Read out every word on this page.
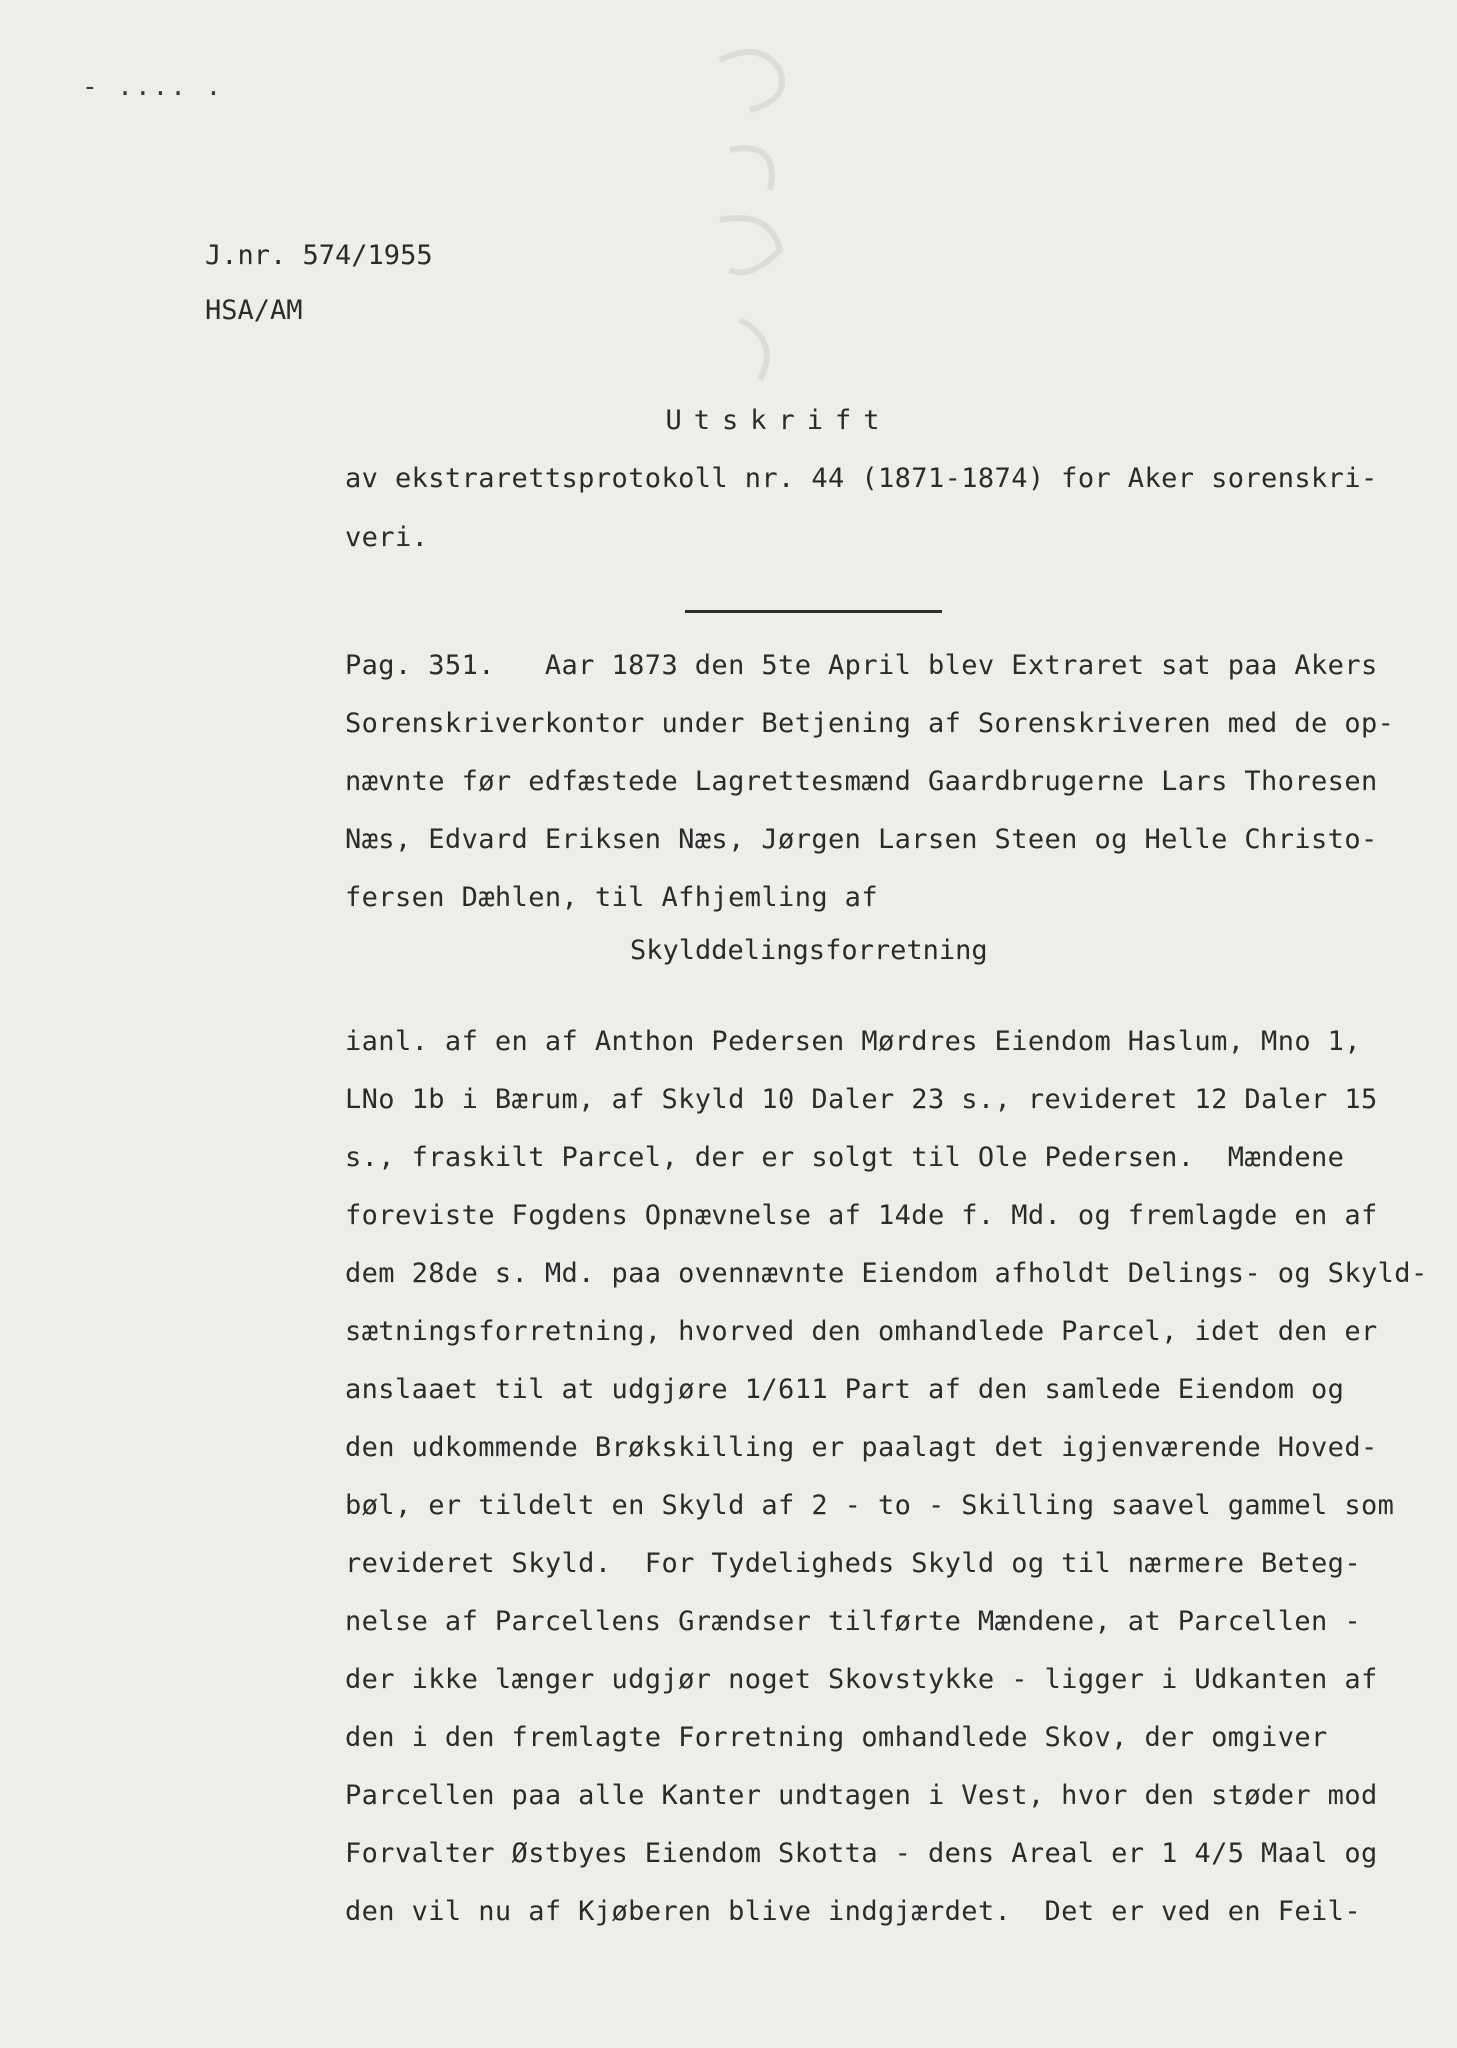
- .... .
J.nr. 574/1955
HSA/AM
Utskrift
av ekstrarettsprotokoll nr. 44 (1871-1874) for Aker sorenskri-
veri.
Pag. 351.   Aar 1873 den 5te April blev Extraret sat paa Akers
Sorenskriverkontor under Betjening af Sorenskriveren med de op-
nævnte før edfæstede Lagrettesmænd Gaardbrugerne Lars Thoresen
Næs, Edvard Eriksen Næs, Jørgen Larsen Steen og Helle Christo-
fersen Dæhlen, til Afhjemling af
Skylddelingsforretning
ianl. af en af Anthon Pedersen Mørdres Eiendom Haslum, Mno 1,
LNo 1b i Bærum, af Skyld 10 Daler 23 s., revideret 12 Daler 15
s., fraskilt Parcel, der er solgt til Ole Pedersen.  Mændene
foreviste Fogdens Opnævnelse af 14de f. Md. og fremlagde en af
dem 28de s. Md. paa ovennævnte Eiendom afholdt Delings- og Skyld-
sætningsforretning, hvorved den omhandlede Parcel, idet den er
anslaaet til at udgjøre 1/611 Part af den samlede Eiendom og
den udkommende Brøkskilling er paalagt det igjenværende Hoved-
bøl, er tildelt en Skyld af 2 - to - Skilling saavel gammel som
revideret Skyld.  For Tydeligheds Skyld og til nærmere Beteg-
nelse af Parcellens Grændser tilførte Mændene, at Parcellen -
der ikke længer udgjør noget Skovstykke - ligger i Udkanten af
den i den fremlagte Forretning omhandlede Skov, der omgiver
Parcellen paa alle Kanter undtagen i Vest, hvor den støder mod
Forvalter Østbyes Eiendom Skotta - dens Areal er 1 4/5 Maal og
den vil nu af Kjøberen blive indgjærdet.  Det er ved en Feil-
